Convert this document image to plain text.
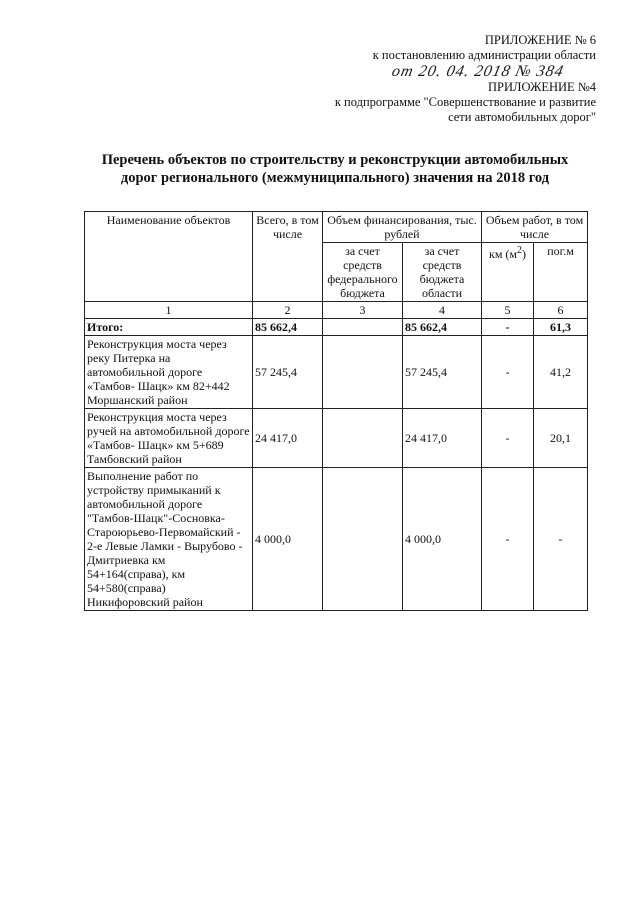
ПРИЛОЖЕНИЕ № 6
к постановлению администрации области
от 20. 04. 2018 № 384
ПРИЛОЖЕНИЕ №4
к подпрограмме "Совершенствование и развитие
сети автомобильных дорог"
Перечень объектов по строительству и реконструкции автомобильных
дорог регионального (межмуниципального) значения на 2018 год
Наименование объектов	Всего, в том числе	Объем финансирования, тыс. рублей		Объем работ, в том числе	
		за счет средств федерального бюджета	за счет средств бюджета области	км $(м^2)$	пог.м
1	2	3	4	5	6
Итого:	85 662,4		85 662,4	-	61,3
Реконструкция моста через реку Питерка на автомобильной дороге «Тамбов- Шацк» км 82+442 Моршанский район	57 245,4		57 245,4	-	41,2
Реконструкция моста через ручей на автомобильной дороге «Тамбов- Шацк» км 5+689 Тамбовский район	24 417,0		24 417,0	-	20,1
Выполнение работ по устройству примыканий к автомобильной дороге "Тамбов-Шацк"-Сосновка-Староюрьево-Первомайский - 2-е Левые Ламки - Вырубово - Дмитриевка км 54+164(справа), км 54+580(справа) Никифоровский район	4 000,0		4 000,0	-	-
